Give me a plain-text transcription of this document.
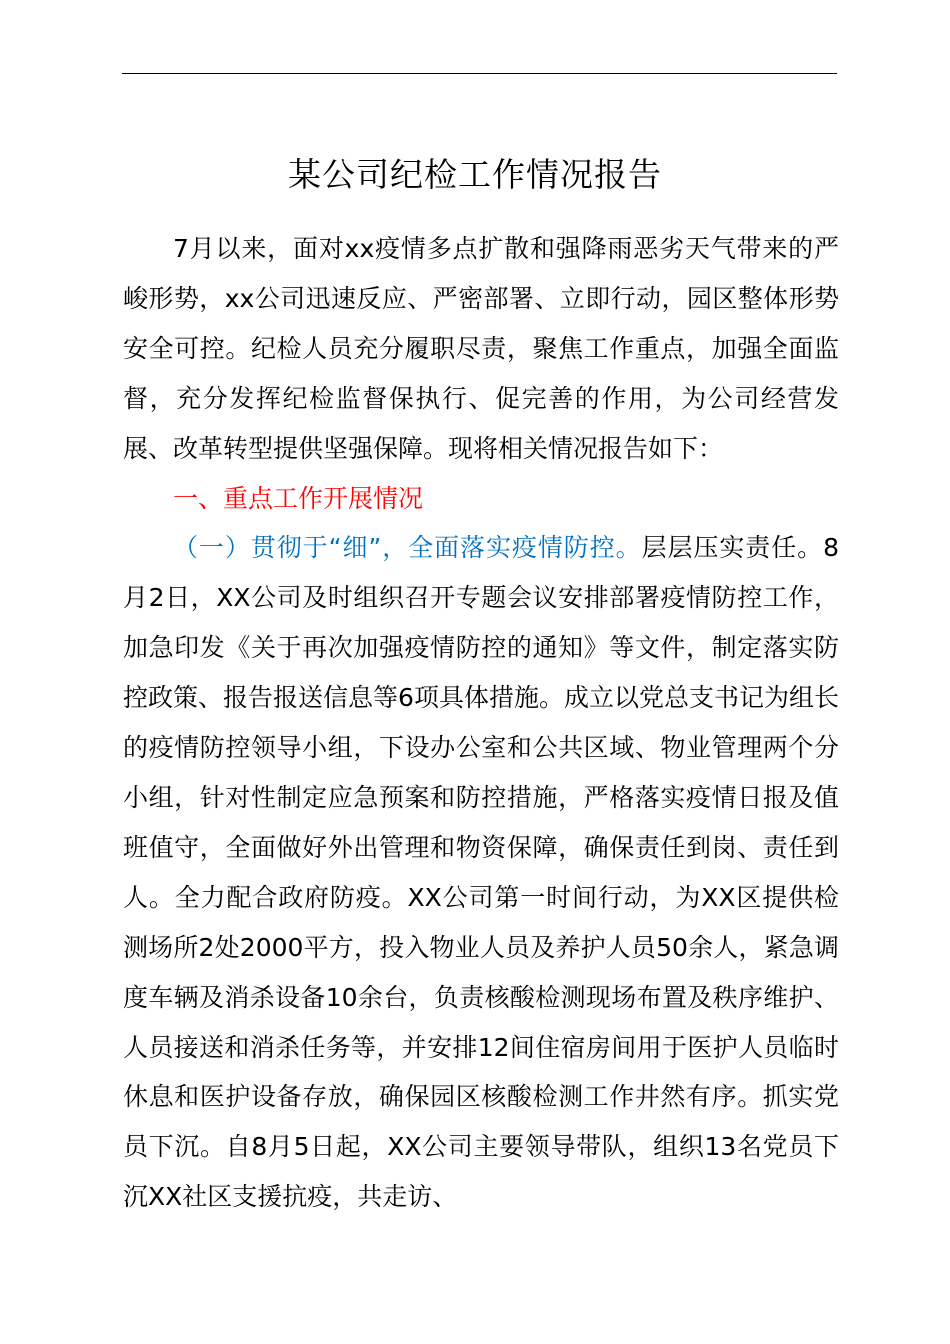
某公司纪检工作情况报告

7月以来，面对xx疫情多点扩散和强降雨恶劣天气带来的严峻形势，xx公司迅速反应、严密部署、立即行动，园区整体形势安全可控。纪检人员充分履职尽责，聚焦工作重点，加强全面监督，充分发挥纪检监督保执行、促完善的作用，为公司经营发展、改革转型提供坚强保障。现将相关情况报告如下：

一、重点工作开展情况

（一）贯彻于“细”，全面落实疫情防控。层层压实责任。8月2日，XX公司及时组织召开专题会议安排部署疫情防控工作，加急印发《关于再次加强疫情防控的通知》等文件，制定落实防控政策、报告报送信息等6项具体措施。成立以党总支书记为组长的疫情防控领导小组，下设办公室和公共区域、物业管理两个分小组，针对性制定应急预案和防控措施，严格落实疫情日报及值班值守，全面做好外出管理和物资保障，确保责任到岗、责任到人。全力配合政府防疫。XX公司第一时间行动，为XX区提供检测场所2处2000平方，投入物业人员及养护人员50余人，紧急调度车辆及消杀设备10余台，负责核酸检测现场布置及秩序维护、人员接送和消杀任务等，并安排12间住宿房间用于医护人员临时休息和医护设备存放，确保园区核酸检测工作井然有序。抓实党员下沉。自8月5日起，XX公司主要领导带队，组织13名党员下沉XX社区支援抗疫，共走访、
